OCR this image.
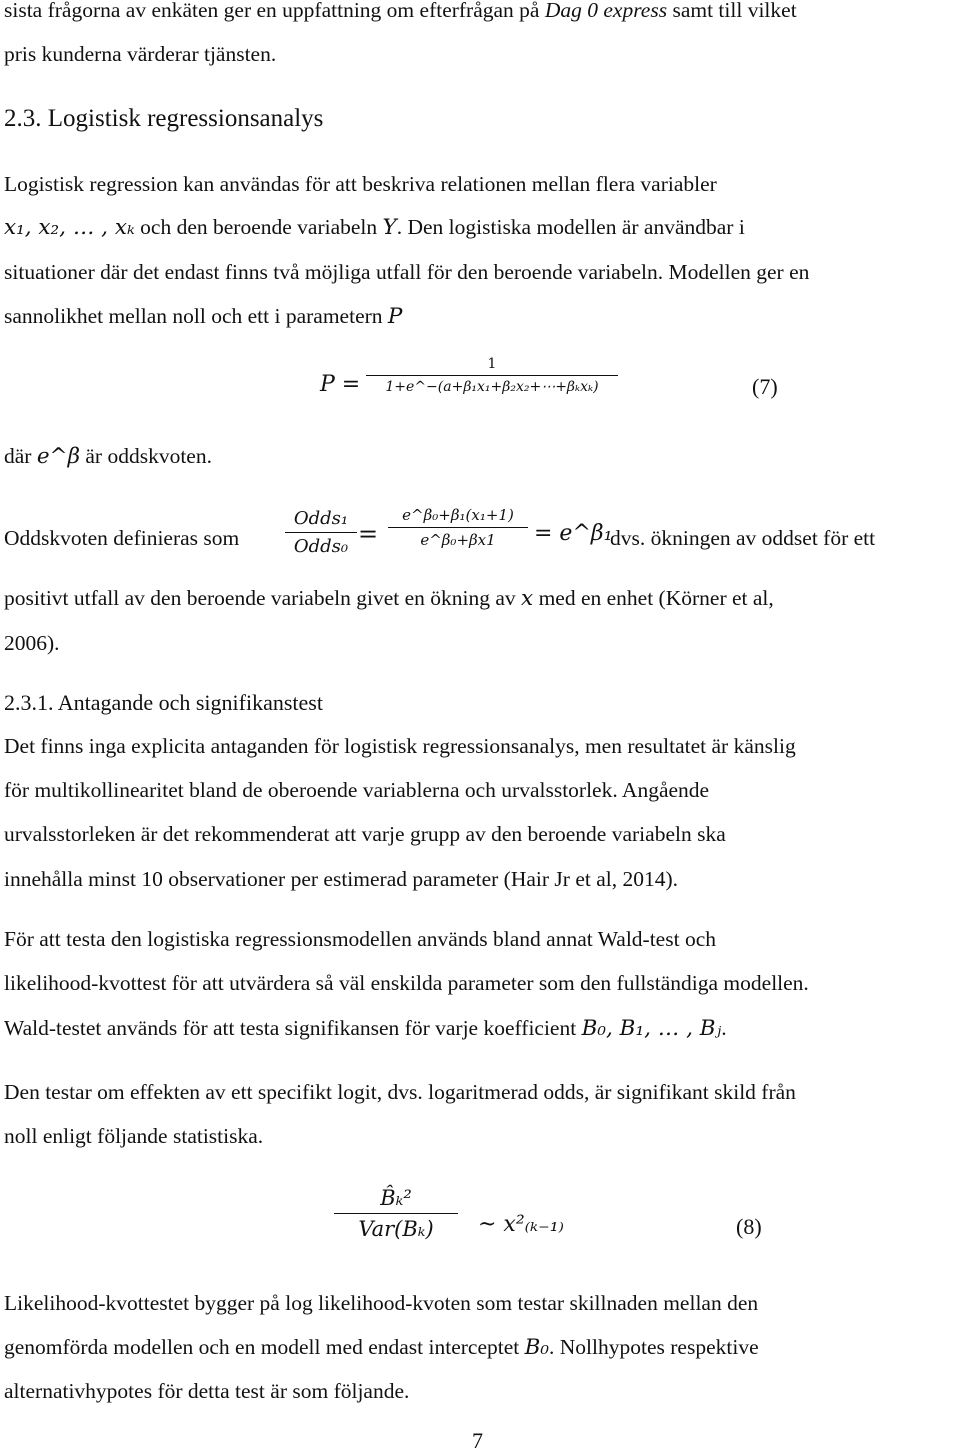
sista frågorna av enkäten ger en uppfattning om efterfrågan på Dag 0 express samt till vilket
pris kunderna värderar tjänsten.
2.3. Logistisk regressionsanalys
Logistisk regression kan användas för att beskriva relationen mellan flera variabler
x₁, x₂, … , xₖ och den beroende variabeln Y. Den logistiska modellen är användbar i
situationer där det endast finns två möjliga utfall för den beroende variabeln. Modellen ger en
sannolikhet mellan noll och ett i parametern P
P =
1
1+e^−(a+β₁x₁+β₂x₂+⋯+βₖxₖ)	(7)
där e^β är oddskvoten.
Oddskvoten definieras som
Odds₁
Odds₀ =
e^β₀+β₁(x₁+1)
e^β₀+βx1	= e^β₁
dvs. ökningen av oddset för ett
positivt utfall av den beroende variabeln givet en ökning av x med en enhet (Körner et al,
2006).
2.3.1. Antagande och signifikanstest
Det finns inga explicita antaganden för logistisk regressionsanalys, men resultatet är känslig
för multikollinearitet bland de oberoende variablerna och urvalsstorlek. Angående
urvalsstorleken är det rekommenderat att varje grupp av den beroende variabeln ska
innehålla minst 10 observationer per estimerad parameter (Hair Jr et al, 2014).
För att testa den logistiska regressionsmodellen används bland annat Wald-test och
likelihood-kvottest för att utvärdera så väl enskilda parameter som den fullständiga modellen.
Wald-testet används för att testa signifikansen för varje koefficient B₀, B₁, … , Bⱼ.
Den testar om effekten av ett specifikt logit, dvs. logaritmerad odds, är signifikant skild från
noll enligt följande statistiska.
B̂ₖ²
Var(Bₖ)	~ x²₍ₖ₋₁₎	(8)
Likelihood-kvottestet bygger på log likelihood-kvoten som testar skillnaden mellan den
genomförda modellen och en modell med endast interceptet B₀. Nollhypotes respektive
alternativhypotes för detta test är som följande.
7
